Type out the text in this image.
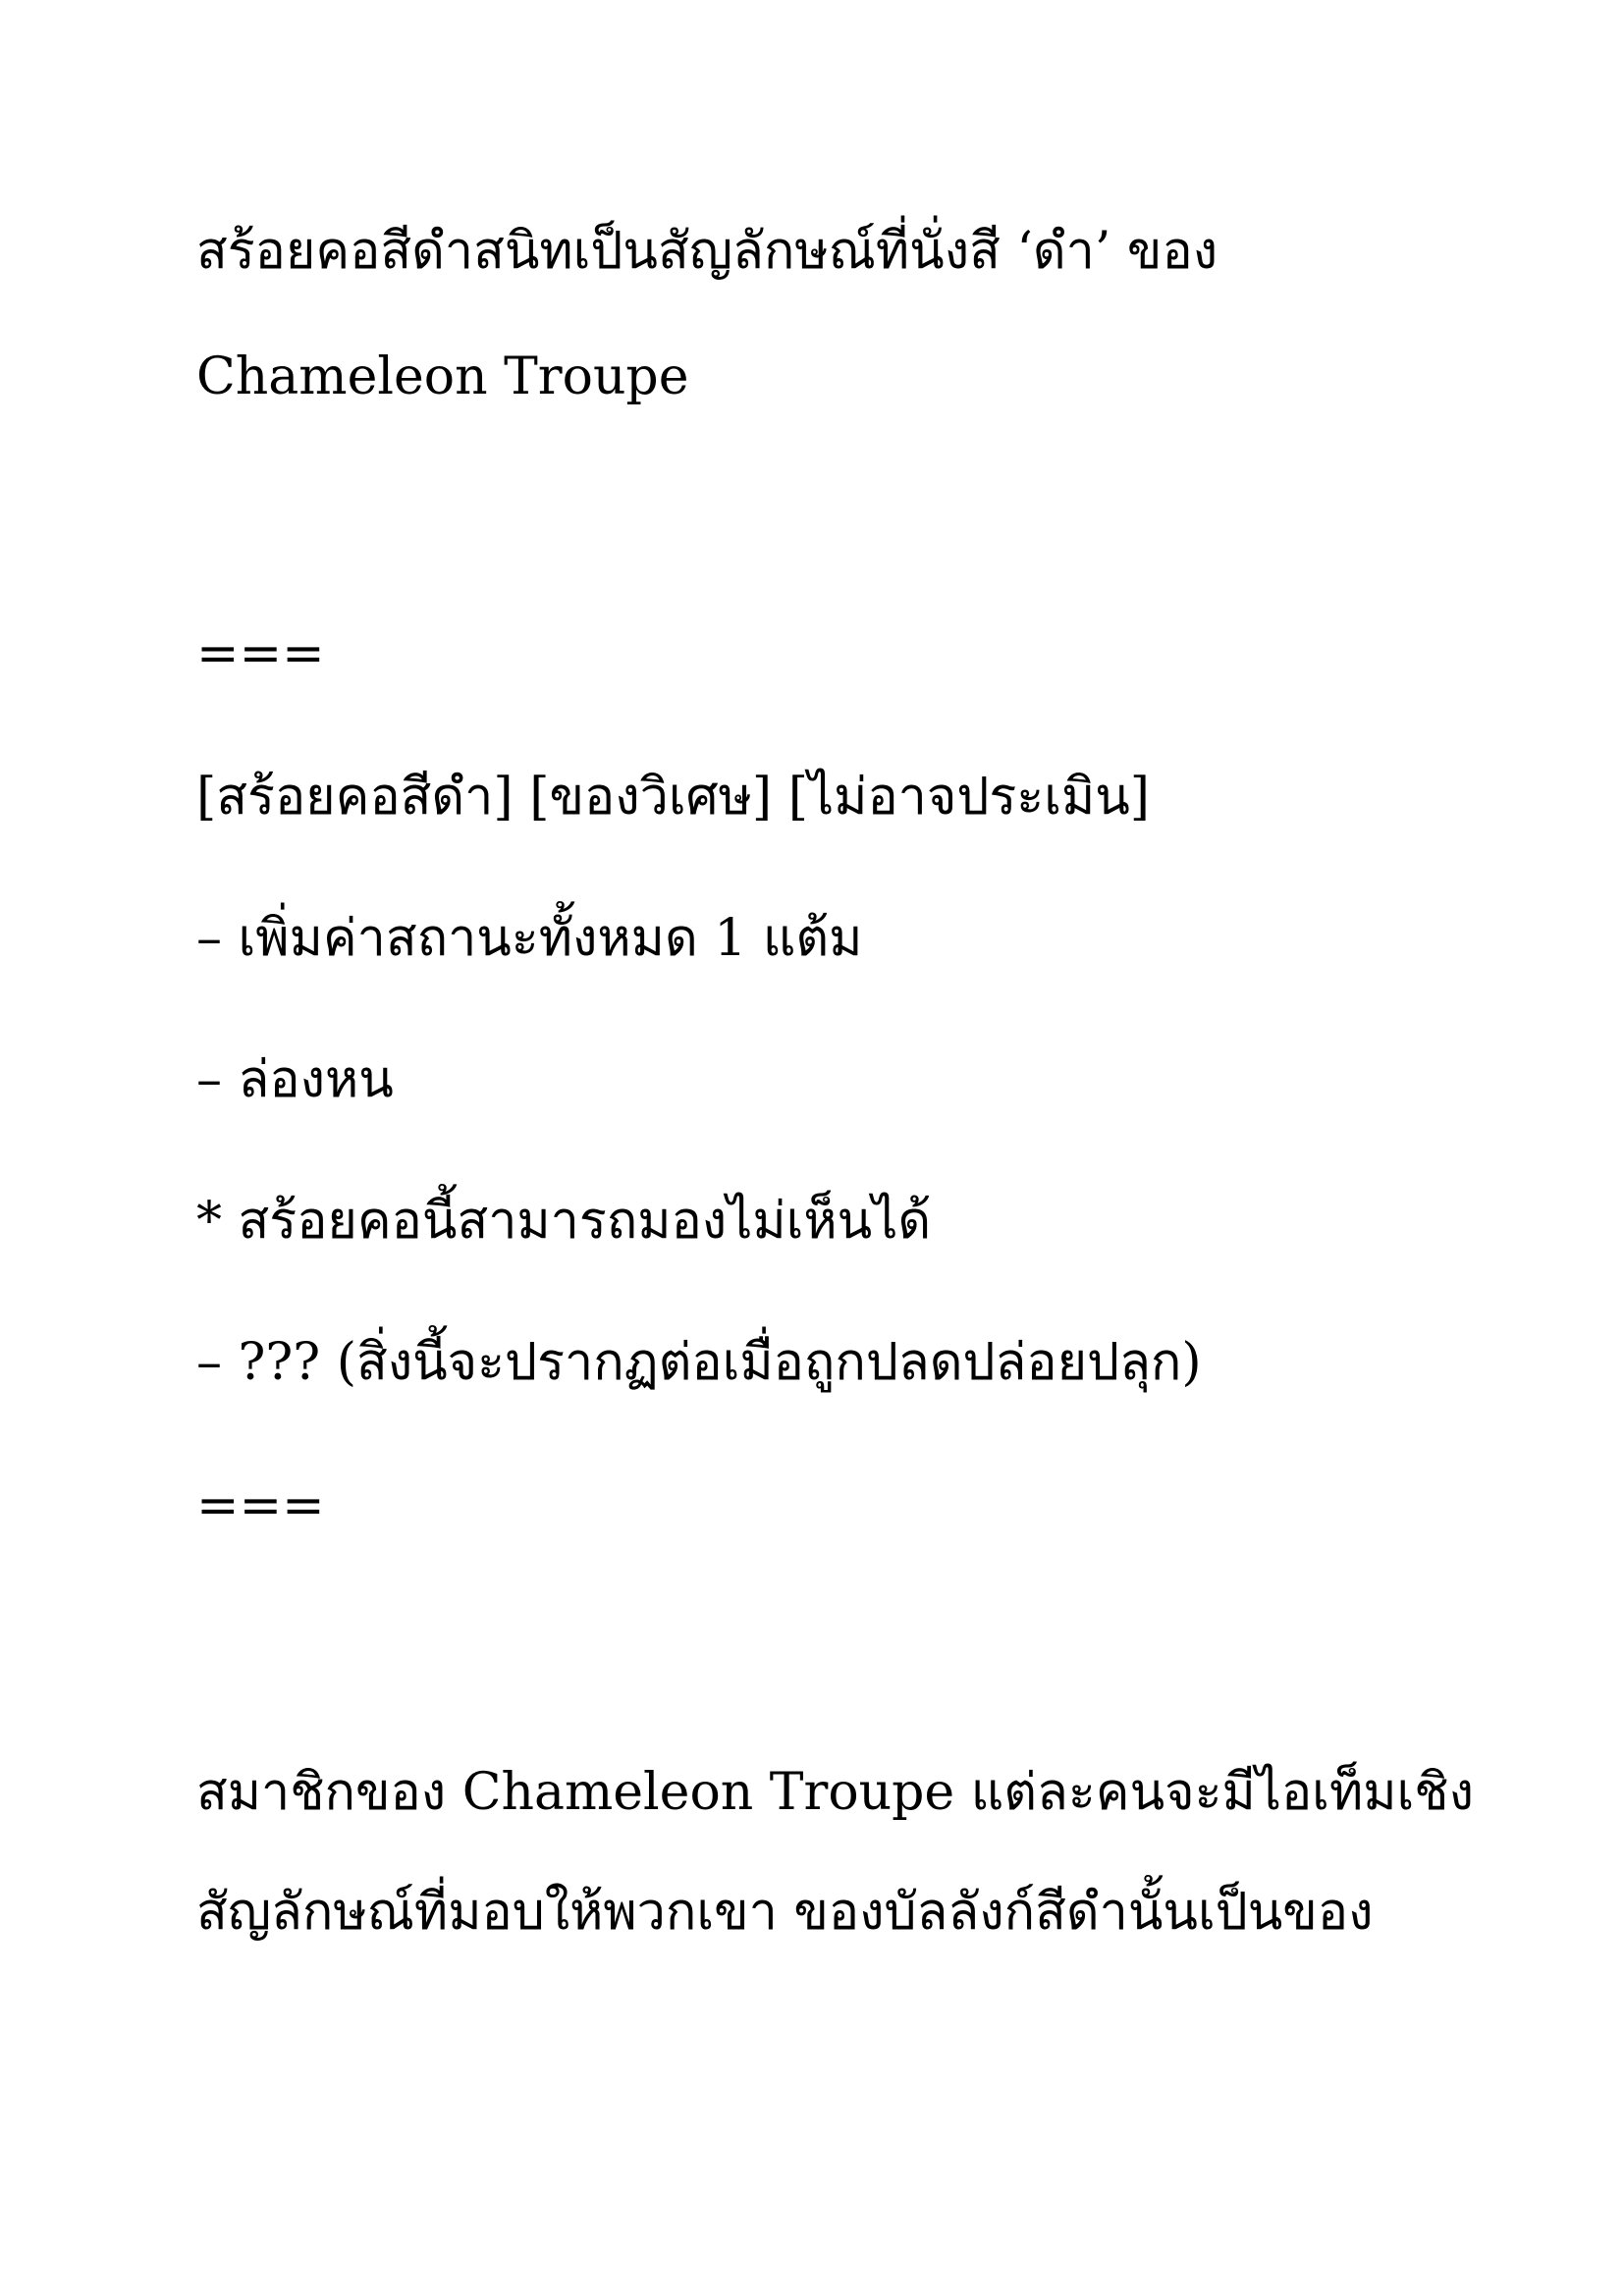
สร้อยคอสีดำสนิทเป็นสัญลักษณ์ที่นั่งสี ‘ดำ’ ของ
Chameleon Troupe
===
[สร้อยคอสีดำ] [ของวิเศษ] [ไม่อาจประเมิน]
– เพิ่มค่าสถานะทั้งหมด 1 แต้ม
– ล่องหน
* สร้อยคอนี้สามารถมองไม่เห็นได้
– ??? (สิ่งนี้จะปรากฏต่อเมื่อถูกปลดปล่อยปลุก)
===
สมาชิกของ Chameleon Troupe แต่ละคนจะมีไอเท็มเชิง
สัญลักษณ์ที่มอบให้พวกเขา ของบัลลังก์สีดำนั้นเป็นของ
